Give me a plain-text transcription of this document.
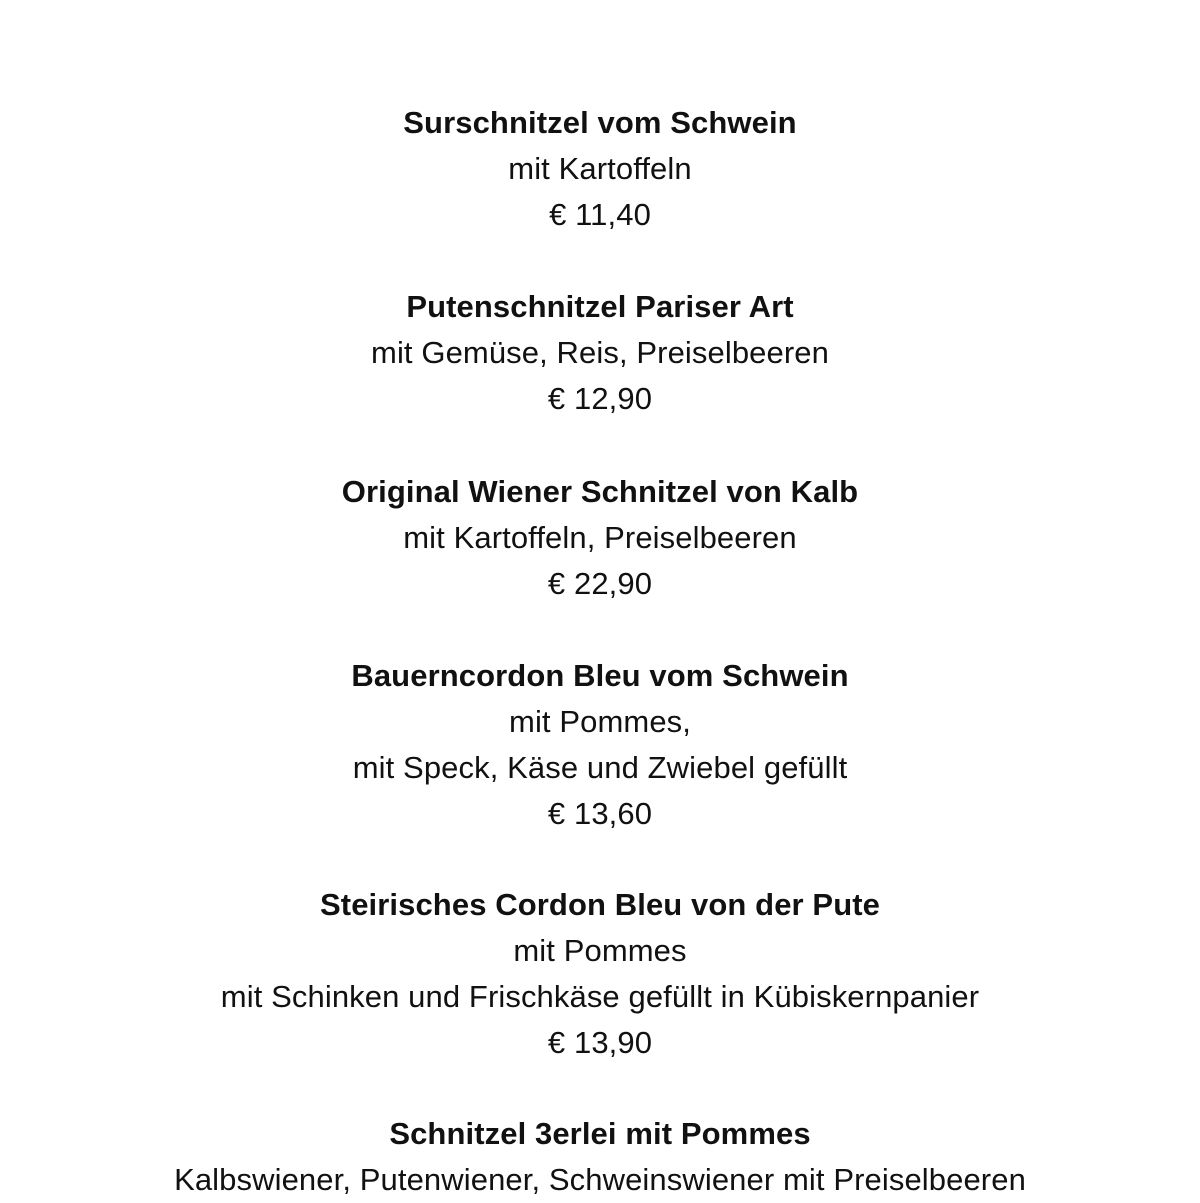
Surschnitzel vom Schwein
mit Kartoffeln
€ 11,40
Putenschnitzel Pariser Art
mit Gemüse, Reis, Preiselbeeren
€ 12,90
Original Wiener Schnitzel von Kalb
mit Kartoffeln, Preiselbeeren
€ 22,90
Bauerncordon Bleu vom Schwein
mit Pommes,
mit Speck, Käse und Zwiebel gefüllt
€ 13,60
Steirisches Cordon Bleu von der Pute
mit Pommes
mit Schinken und Frischkäse gefüllt in Kübiskernpanier
€ 13,90
Schnitzel 3erlei mit Pommes
Kalbswiener, Putenwiener, Schweinswiener mit Preiselbeeren
